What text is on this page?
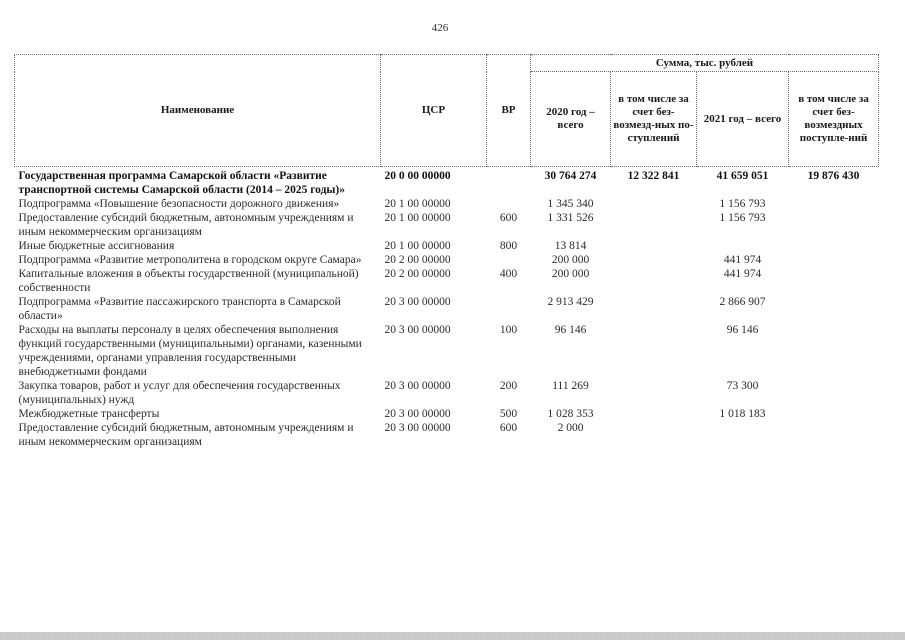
426
Наименование	ЦСР	ВР	Сумма, тыс. рублей			
			2020 год – всего	в том числе за счет без-возмезд-ных по-ступлений	2021 год – всего	в том числе за счет без-возмездных поступле-ний
Государственная программа Самарской области «Развитие транспортной системы Самарской области (2014 – 2025 годы)»	20 0 00 00000		30 764 274	12 322 841	41 659 051	19 876 430
Подпрограмма «Повышение безопасности дорожного движения»	20 1 00 00000		1 345 340		1 156 793	
Предоставление субсидий бюджетным, автономным учреждениям и иным некоммерческим организациям	20 1 00 00000	600	1 331 526		1 156 793	
Иные бюджетные ассигнования	20 1 00 00000	800	13 814			
Подпрограмма «Развитие метрополитена в городском округе Самара»	20 2 00 00000		200 000		441 974	
Капитальные вложения в объекты государственной (муниципальной) собственности	20 2 00 00000	400	200 000		441 974	
Подпрограмма «Развитие пассажирского транспорта в Самарской области»	20 3 00 00000		2 913 429		2 866 907	
Расходы на выплаты персоналу в целях обеспечения выполнения функций государственными (муниципальными) органами, казенными учреждениями, органами управления государственными внебюджетными фондами	20 3 00 00000	100	96 146		96 146	
Закупка товаров, работ и услуг для обеспечения государственных (муниципальных) нужд	20 3 00 00000	200	111 269		73 300	
Межбюджетные трансферты	20 3 00 00000	500	1 028 353		1 018 183	
Предоставление субсидий бюджетным, автономным учреждениям и иным некоммерческим организациям	20 3 00 00000	600	2 000			
